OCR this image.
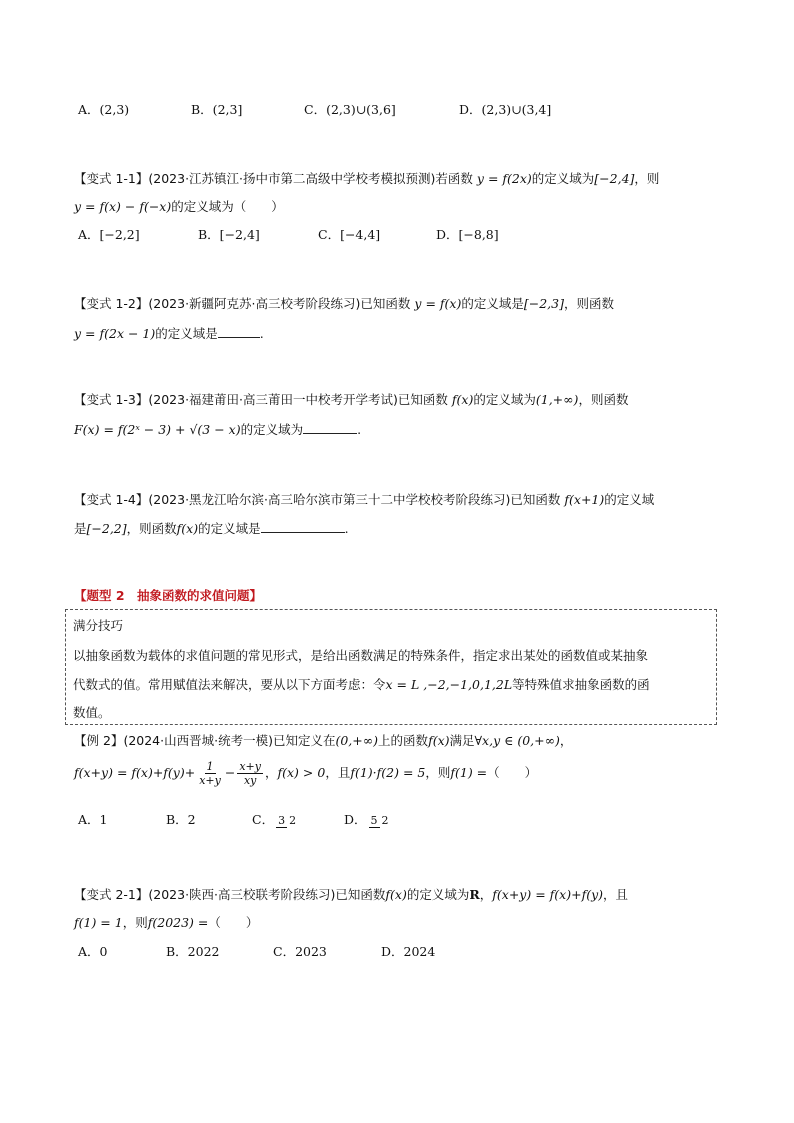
A．(2,3)	B．(2,3]	C．(2,3)∪(3,6]	D．(2,3)∪(3,4]
【变式 1-1】(2023·江苏镇江·扬中市第二高级中学校考模拟预测)若函数 y = f(2x)的定义域为[−2,4]，则
y = f(x) − f(−x)的定义域为（　　）
A．[−2,2]	B．[−2,4]	C．[−4,4]	D．[−8,8]
【变式 1-2】(2023·新疆阿克苏·高三校考阶段练习)已知函数 y = f(x)的定义域是[−2,3]，则函数
y = f(2x − 1)的定义域是	.
【变式 1-3】(2023·福建莆田·高三莆田一中校考开学考试)已知函数 f(x)的定义域为(1,+∞)，则函数
F(x) = f(2ˣ − 3) + √(3 − x)的定义域为	.
【变式 1-4】(2023·黑龙江哈尔滨·高三哈尔滨市第三十二中学校校考阶段练习)已知函数 f(x+1)的定义域
是[−2,2]，则函数f(x)的定义域是	.
【题型 2　抽象函数的求值问题】
满分技巧
以抽象函数为载体的求值问题的常见形式，是给出函数满足的特殊条件，指定求出某处的函数值或某抽象
代数式的值。常用赋值法来解决，要从以下方面考虑：令x = L ,−2,−1,0,1,2L等特殊值求抽象函数的函
数值。
【例 2】(2024·山西晋城·统考一模)已知定义在(0,+∞)上的函数f(x)满足∀x,y ∈ (0,+∞)，
$f(x+y) = f(x)+f(y)+ \frac{1}{x+y} - \frac{x+y}{xy}$ ，f(x) > 0，且f(1)·f(2) = 5，则f(1) =（　　）
A．1	B．2	C． 3 2	D． 5 2
【变式 2-1】(2023·陕西·高三校联考阶段练习)已知函数f(x)的定义域为R，f(x+y) = f(x)+f(y)，且
f(1) = 1，则f(2023) =（　　）
A．0	B．2022	C．2023	D．2024
